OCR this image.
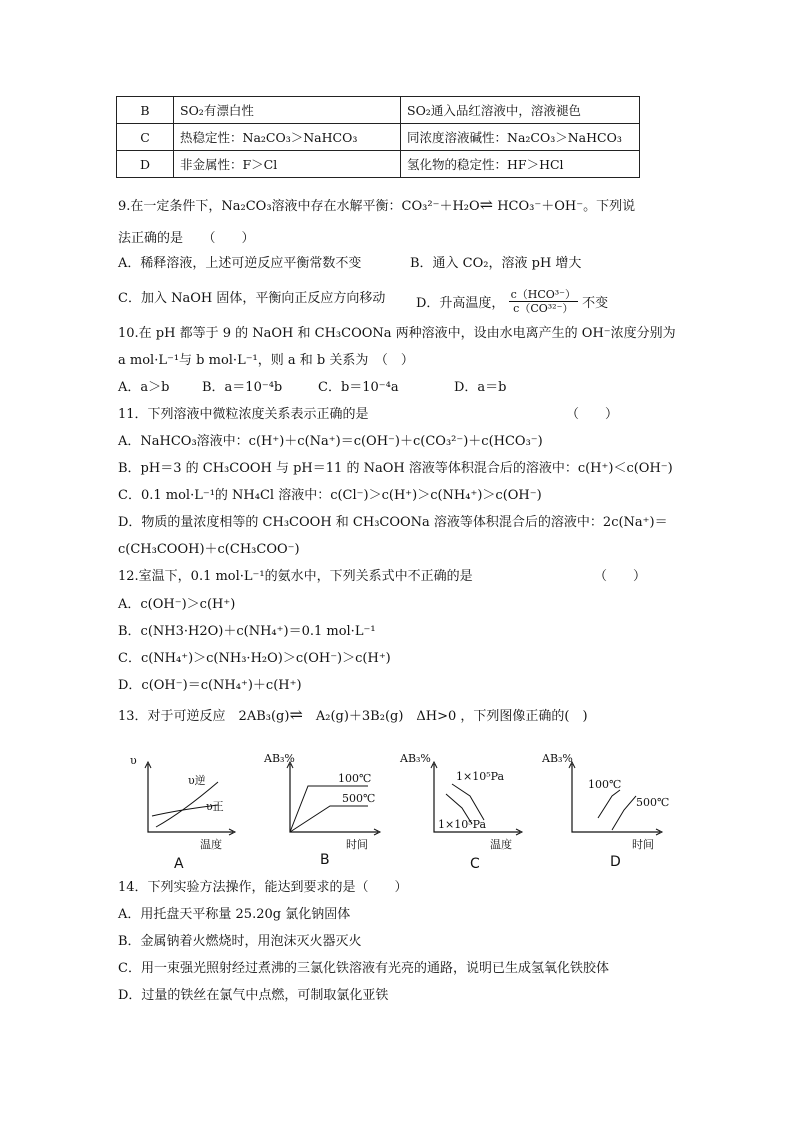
B	SO₂有漂白性	SO₂通入品红溶液中，溶液褪色
C	热稳定性：Na₂CO₃＞NaHCO₃	同浓度溶液碱性：Na₂CO₃＞NaHCO₃
D	非金属性：F＞Cl	氢化物的稳定性：HF＞HCl
9.在一定条件下，Na₂CO₃溶液中存在水解平衡：CO₃²⁻＋H₂O⇌ HCO₃⁻＋OH⁻。下列说
法正确的是　　（　　）
A．稀释溶液，上述可逆反应平衡常数不变	B．通入 CO₂，溶液 pH 增大
C．加入 NaOH 固体，平衡向正反应方向移动 D．升高温度，
c（HCO³⁻）
c（CO³²⁻） 不变
10.在 pH 都等于 9 的 NaOH 和 CH₃COONa 两种溶液中，设由水电离产生的 OH⁻浓度分别为
a mol·L⁻¹与 b mol·L⁻¹，则 a 和 b 关系为　（　）
A．a＞b	B．a＝10⁻⁴b	C．b＝10⁻⁴a	D．a＝b
11．下列溶液中微粒浓度关系表示正确的是	（　　）
A．NaHCO₃溶液中：c(H⁺)＋c(Na⁺)＝c(OH⁻)＋c(CO₃²⁻)＋c(HCO₃⁻)
B．pH＝3 的 CH₃COOH 与 pH＝11 的 NaOH 溶液等体积混合后的溶液中：c(H⁺)＜c(OH⁻)
C．0.1 mol·L⁻¹的 NH₄Cl 溶液中：c(Cl⁻)＞c(H⁺)＞c(NH₄⁺)＞c(OH⁻)
D．物质的量浓度相等的 CH₃COOH 和 CH₃COONa 溶液等体积混合后的溶液中：2c(Na⁺)＝
c(CH₃COOH)＋c(CH₃COO⁻)
12.室温下，0.1 mol·L⁻¹的氨水中，下列关系式中不正确的是	（　　）
A．c(OH⁻)＞c(H⁺)
B．c(NH3·H2O)＋c(NH₄⁺)＝0.1 mol·L⁻¹
C．c(NH₄⁺)＞c(NH₃·H₂O)＞c(OH⁻)＞c(H⁺)
D．c(OH⁻)＝c(NH₄⁺)＋c(H⁺)
13．对于可逆反应　2AB₃(g)⇌　A₂(g)＋3B₂(g)　ΔH>0 ，下列图像正确的(　)
υ
υ逆
υ正
温度
A
AB₃%
100℃
500℃
时间
B
AB₃%
1×10⁵Pa
1×10⁵Pa
温度
C
AB₃%
100℃
500℃
时间
D
14．下列实验方法操作，能达到要求的是（　　）
A．用托盘天平称量 25.20g 氯化钠固体
B．金属钠着火燃烧时，用泡沫灭火器灭火
C．用一束强光照射经过煮沸的三氯化铁溶液有光亮的通路，说明已生成氢氧化铁胶体
D．过量的铁丝在氯气中点燃，可制取氯化亚铁
